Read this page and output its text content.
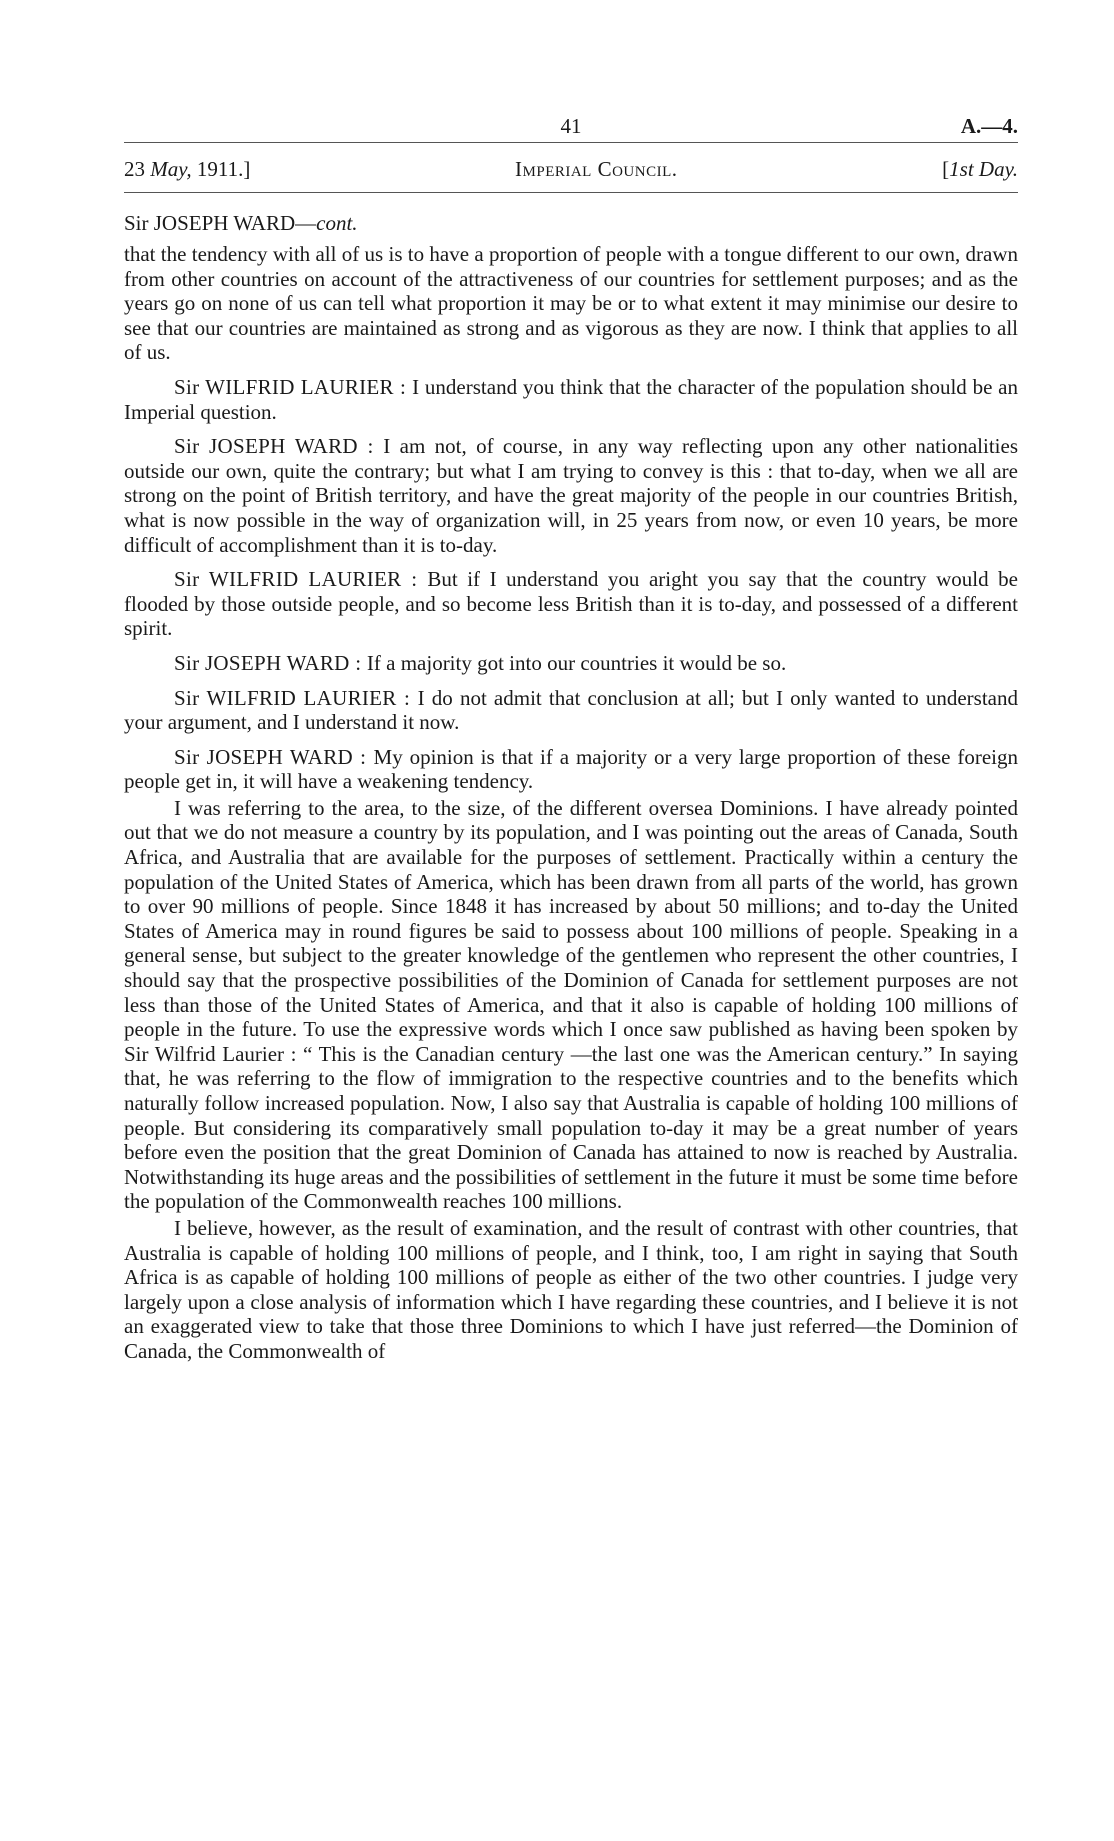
41	A.—4.
23 May, 1911.]	Imperial Council.	[1st Day.
Sir JOSEPH WARD—cont.

that the tendency with all of us is to have a proportion of people with a tongue different to our own, drawn from other countries on account of the attractiveness of our countries for settlement purposes; and as the years go on none of us can tell what proportion it may be or to what extent it may minimise our desire to see that our countries are maintained as strong and as vigorous as they are now. I think that applies to all of us.

Sir WILFRID LAURIER : I understand you think that the character of the population should be an Imperial question.

Sir JOSEPH WARD : I am not, of course, in any way reflecting upon any other nationalities outside our own, quite the contrary; but what I am trying to convey is this : that to-day, when we all are strong on the point of British territory, and have the great majority of the people in our countries British, what is now possible in the way of organization will, in 25 years from now, or even 10 years, be more difficult of accomplishment than it is to-day.

Sir WILFRID LAURIER : But if I understand you aright you say that the country would be flooded by those outside people, and so become less British than it is to-day, and possessed of a different spirit.

Sir JOSEPH WARD : If a majority got into our countries it would be so.

Sir WILFRID LAURIER : I do not admit that conclusion at all; but I only wanted to understand your argument, and I understand it now.

Sir JOSEPH WARD : My opinion is that if a majority or a very large proportion of these foreign people get in, it will have a weakening tendency.

I was referring to the area, to the size, of the different oversea Dominions. I have already pointed out that we do not measure a country by its population, and I was pointing out the areas of Canada, South Africa, and Australia that are available for the purposes of settlement. Practically within a century the population of the United States of America, which has been drawn from all parts of the world, has grown to over 90 millions of people. Since 1848 it has increased by about 50 millions; and to-day the United States of America may in round figures be said to possess about 100 millions of people. Speaking in a general sense, but subject to the greater knowledge of the gentlemen who represent the other countries, I should say that the prospective possibilities of the Dominion of Canada for settlement purposes are not less than those of the United States of America, and that it also is capable of holding 100 millions of people in the future. To use the expressive words which I once saw published as having been spoken by Sir Wilfrid Laurier : “ This is the Canadian century —the last one was the American century.” In saying that, he was referring to the flow of immigration to the respective countries and to the benefits which naturally follow increased population. Now, I also say that Australia is capable of holding 100 millions of people. But considering its comparatively small population to-day it may be a great number of years before even the position that the great Dominion of Canada has attained to now is reached by Australia. Notwithstanding its huge areas and the possibilities of settlement in the future it must be some time before the population of the Commonwealth reaches 100 millions.

I believe, however, as the result of examination, and the result of contrast with other countries, that Australia is capable of holding 100 millions of people, and I think, too, I am right in saying that South Africa is as capable of holding 100 millions of people as either of the two other countries. I judge very largely upon a close analysis of information which I have regarding these countries, and I believe it is not an exaggerated view to take that those three Dominions to which I have just referred—the Dominion of Canada, the Commonwealth of
